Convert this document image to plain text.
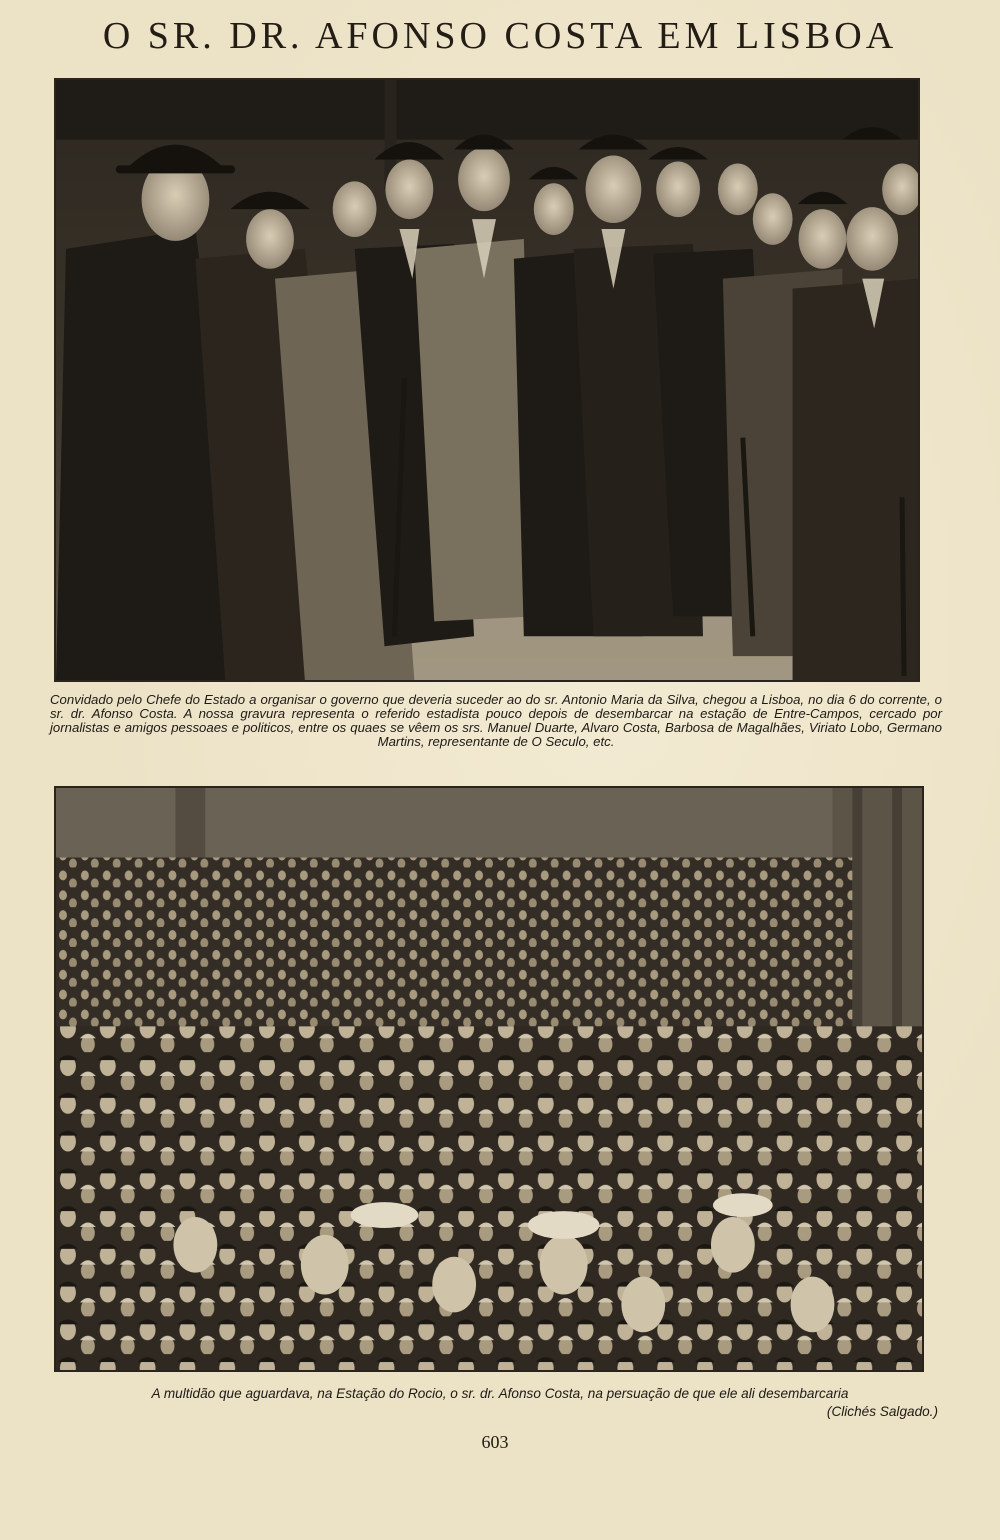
O SR. DR. AFONSO COSTA EM LISBOA
Convidado pelo Chefe do Estado a organisar o governo que deveria suceder ao do sr. Antonio Maria da Silva, chegou a Lisboa, no dia 6 do corrente, o sr. dr. Afonso Costa. A nossa gravura representa o referido estadista pouco depois de desembarcar na estação de Entre-Campos, cercado por jornalistas e amigos pessoaes e politicos, entre os quaes se vêem os srs. Manuel Duarte, Alvaro Costa, Barbosa de Magalhães, Viriato Lobo, Germano Martins, representante de O Seculo, etc.
A multidão que aguardava, na Estação do Rocio, o sr. dr. Afonso Costa, na persuação de que ele ali desembarcaria
(Clichés Salgado.)
603
